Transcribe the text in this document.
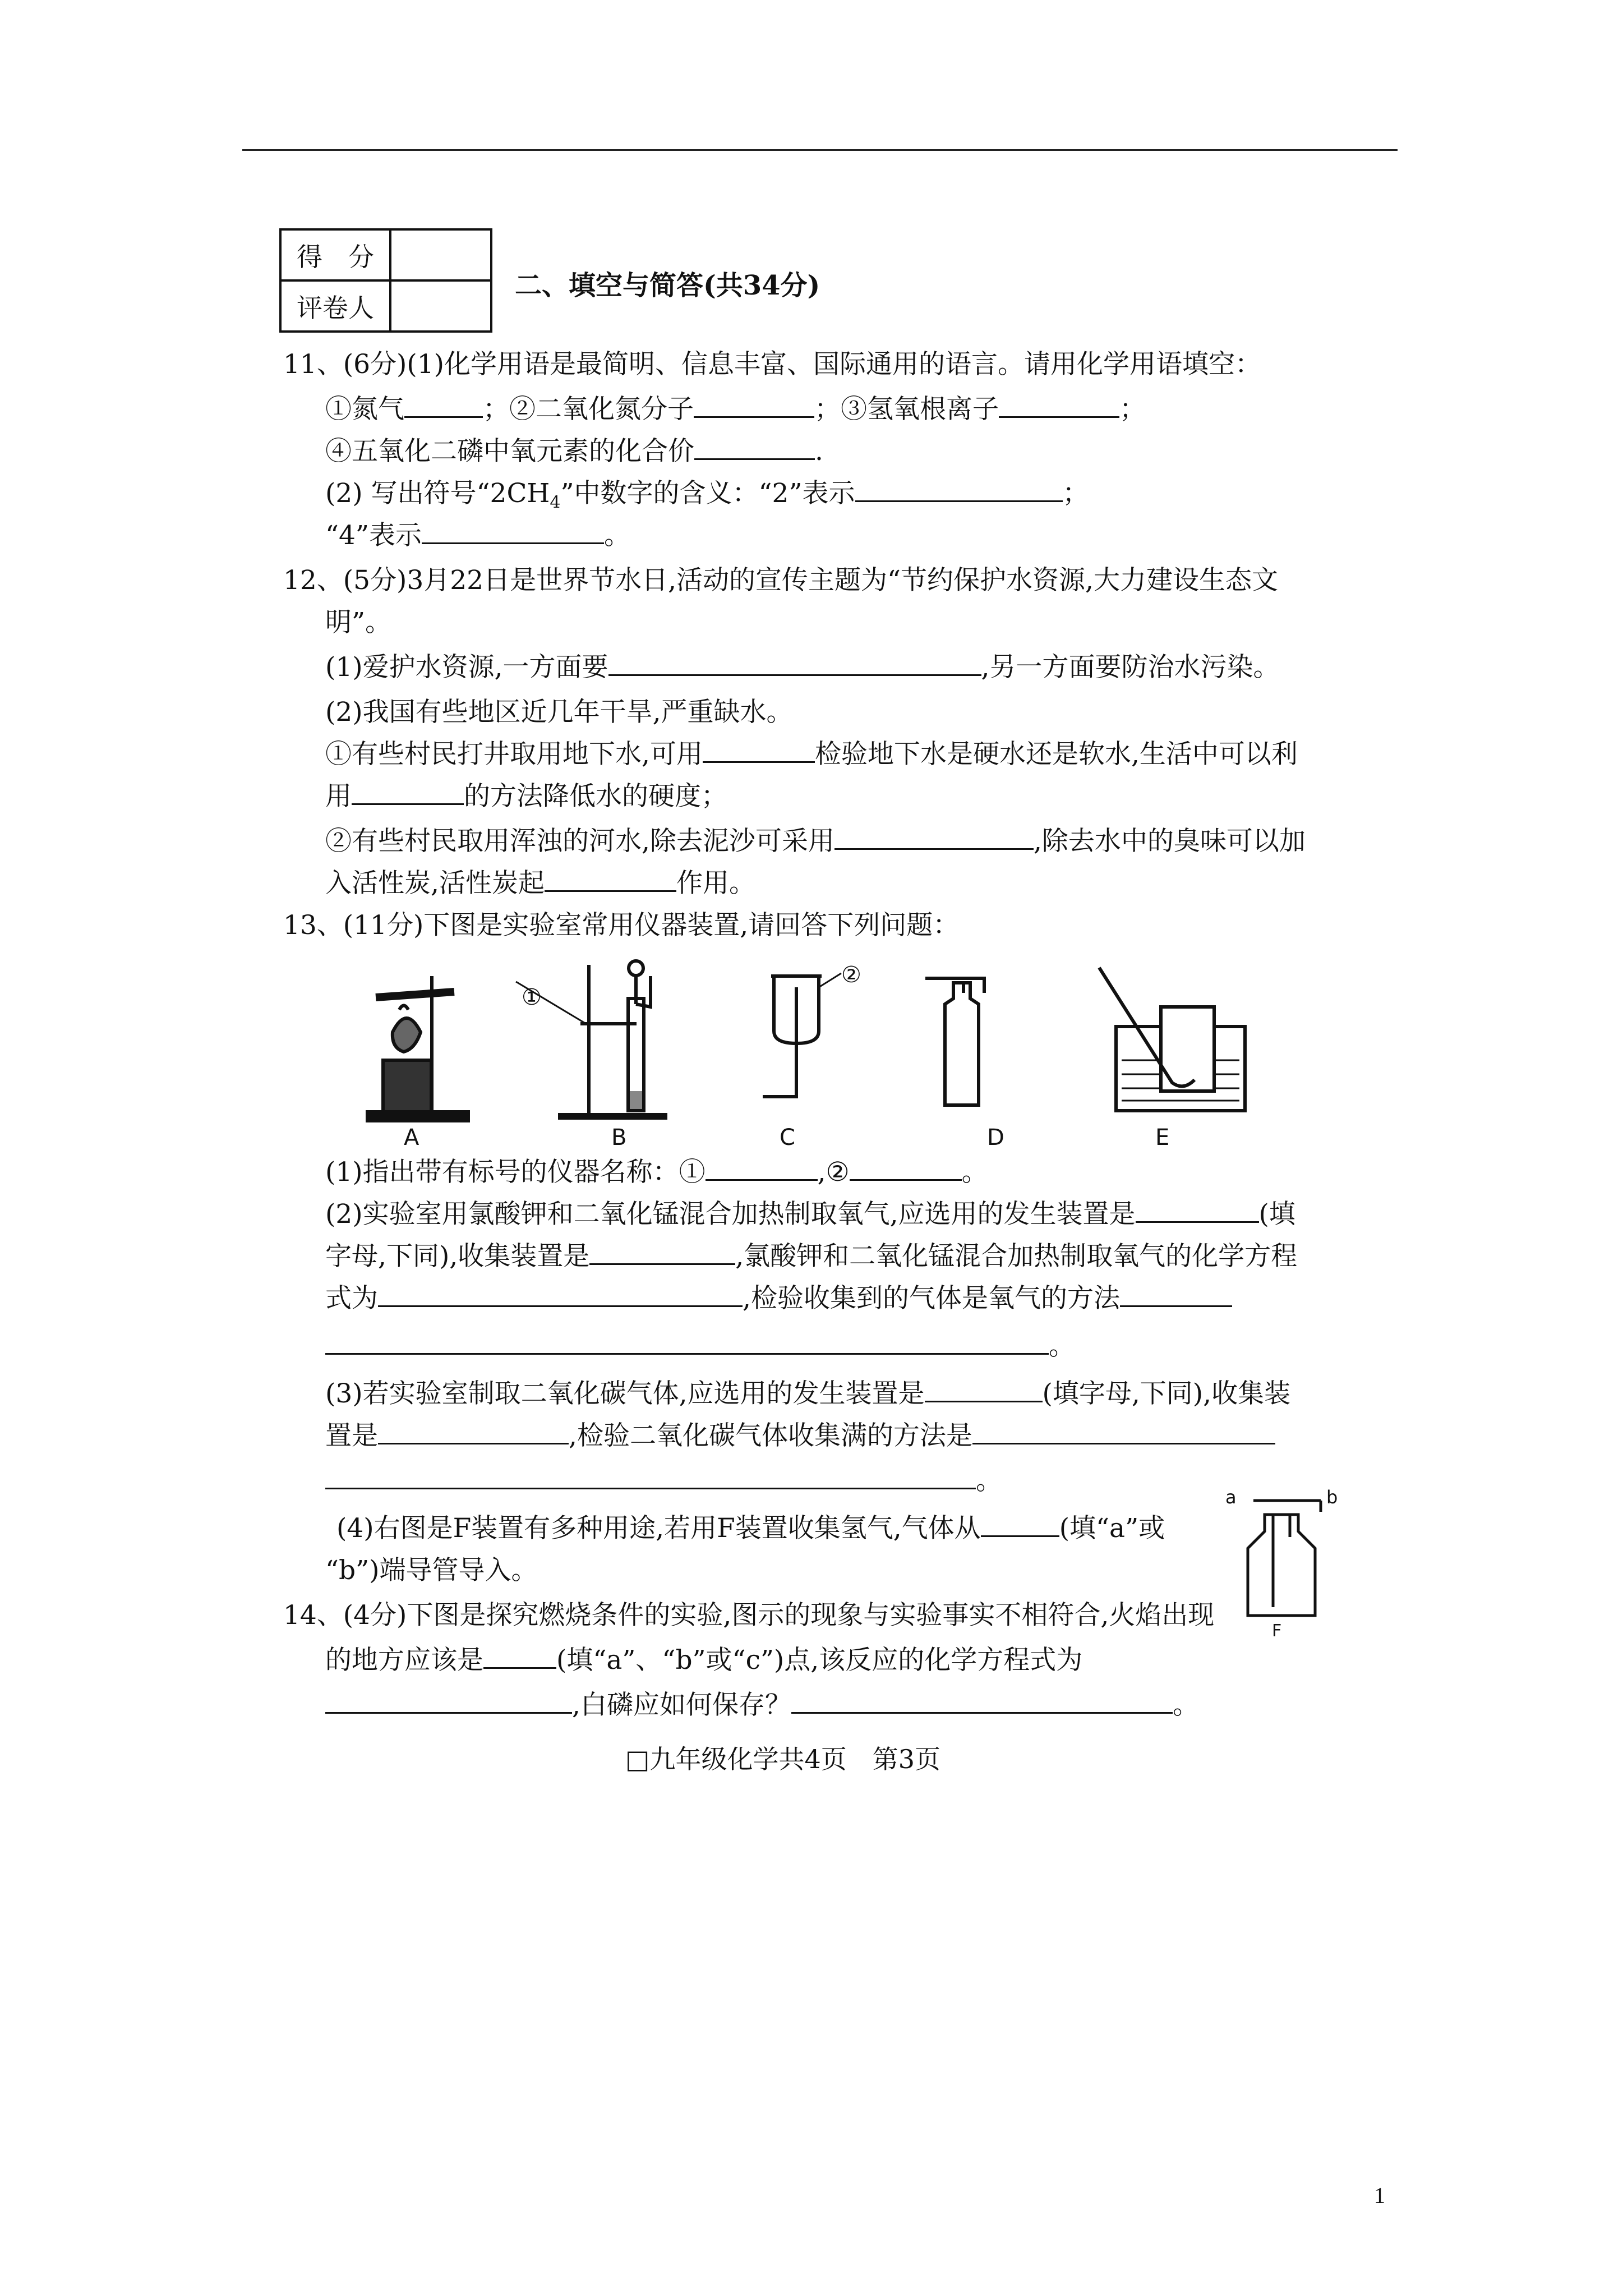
得　分	
评卷人	
二、填空与简答(共34分)
11、(6分)(1)化学用语是最简明、信息丰富、国际通用的语言。请用化学用语填空：
①氮气	；②二氧化氮分子	；③氢氧根离子	；
④五氧化二磷中氧元素的化合价	.
(2) 写出符号“$2CH_4$”中数字的含义：“2”表示	；
“4”表示	。
12、(5分)3月22日是世界节水日,活动的宣传主题为“节约保护水资源,大力建设生态文
明”。
(1)爱护水资源,一方面要	,另一方面要防治水污染。
(2)我国有些地区近几年干旱,严重缺水。
①有些村民打井取用地下水,可用	检验地下水是硬水还是软水,生活中可以利
用	的方法降低水的硬度；
②有些村民取用浑浊的河水,除去泥沙可采用	,除去水中的臭味可以加
入活性炭,活性炭起	作用。
13、(11分)下图是实验室常用仪器装置,请回答下列问题：
①
②
A	B	C	D	E
(1)指出带有标号的仪器名称：①	,②	。
(2)实验室用氯酸钾和二氧化锰混合加热制取氧气,应选用的发生装置是	(填
字母,下同),收集装置是	,氯酸钾和二氧化锰混合加热制取氧气的化学方程
式为	,检验收集到的气体是氧气的方法
。
(3)若实验室制取二氧化碳气体,应选用的发生装置是	(填字母,下同),收集装
置是	,检验二氧化碳气体收集满的方法是
。
(4)右图是F装置有多种用途,若用F装置收集氢气,气体从	(填“a”或
“b”)端导管导入。
a	b
F
14、(4分)下图是探究燃烧条件的实验,图示的现象与实验事实不相符合,火焰出现
的地方应该是	(填“a”、“b”或“c”)点,该反应的化学方程式为
,白磷应如何保存？	。
□九年级化学共4页　第3页
1
